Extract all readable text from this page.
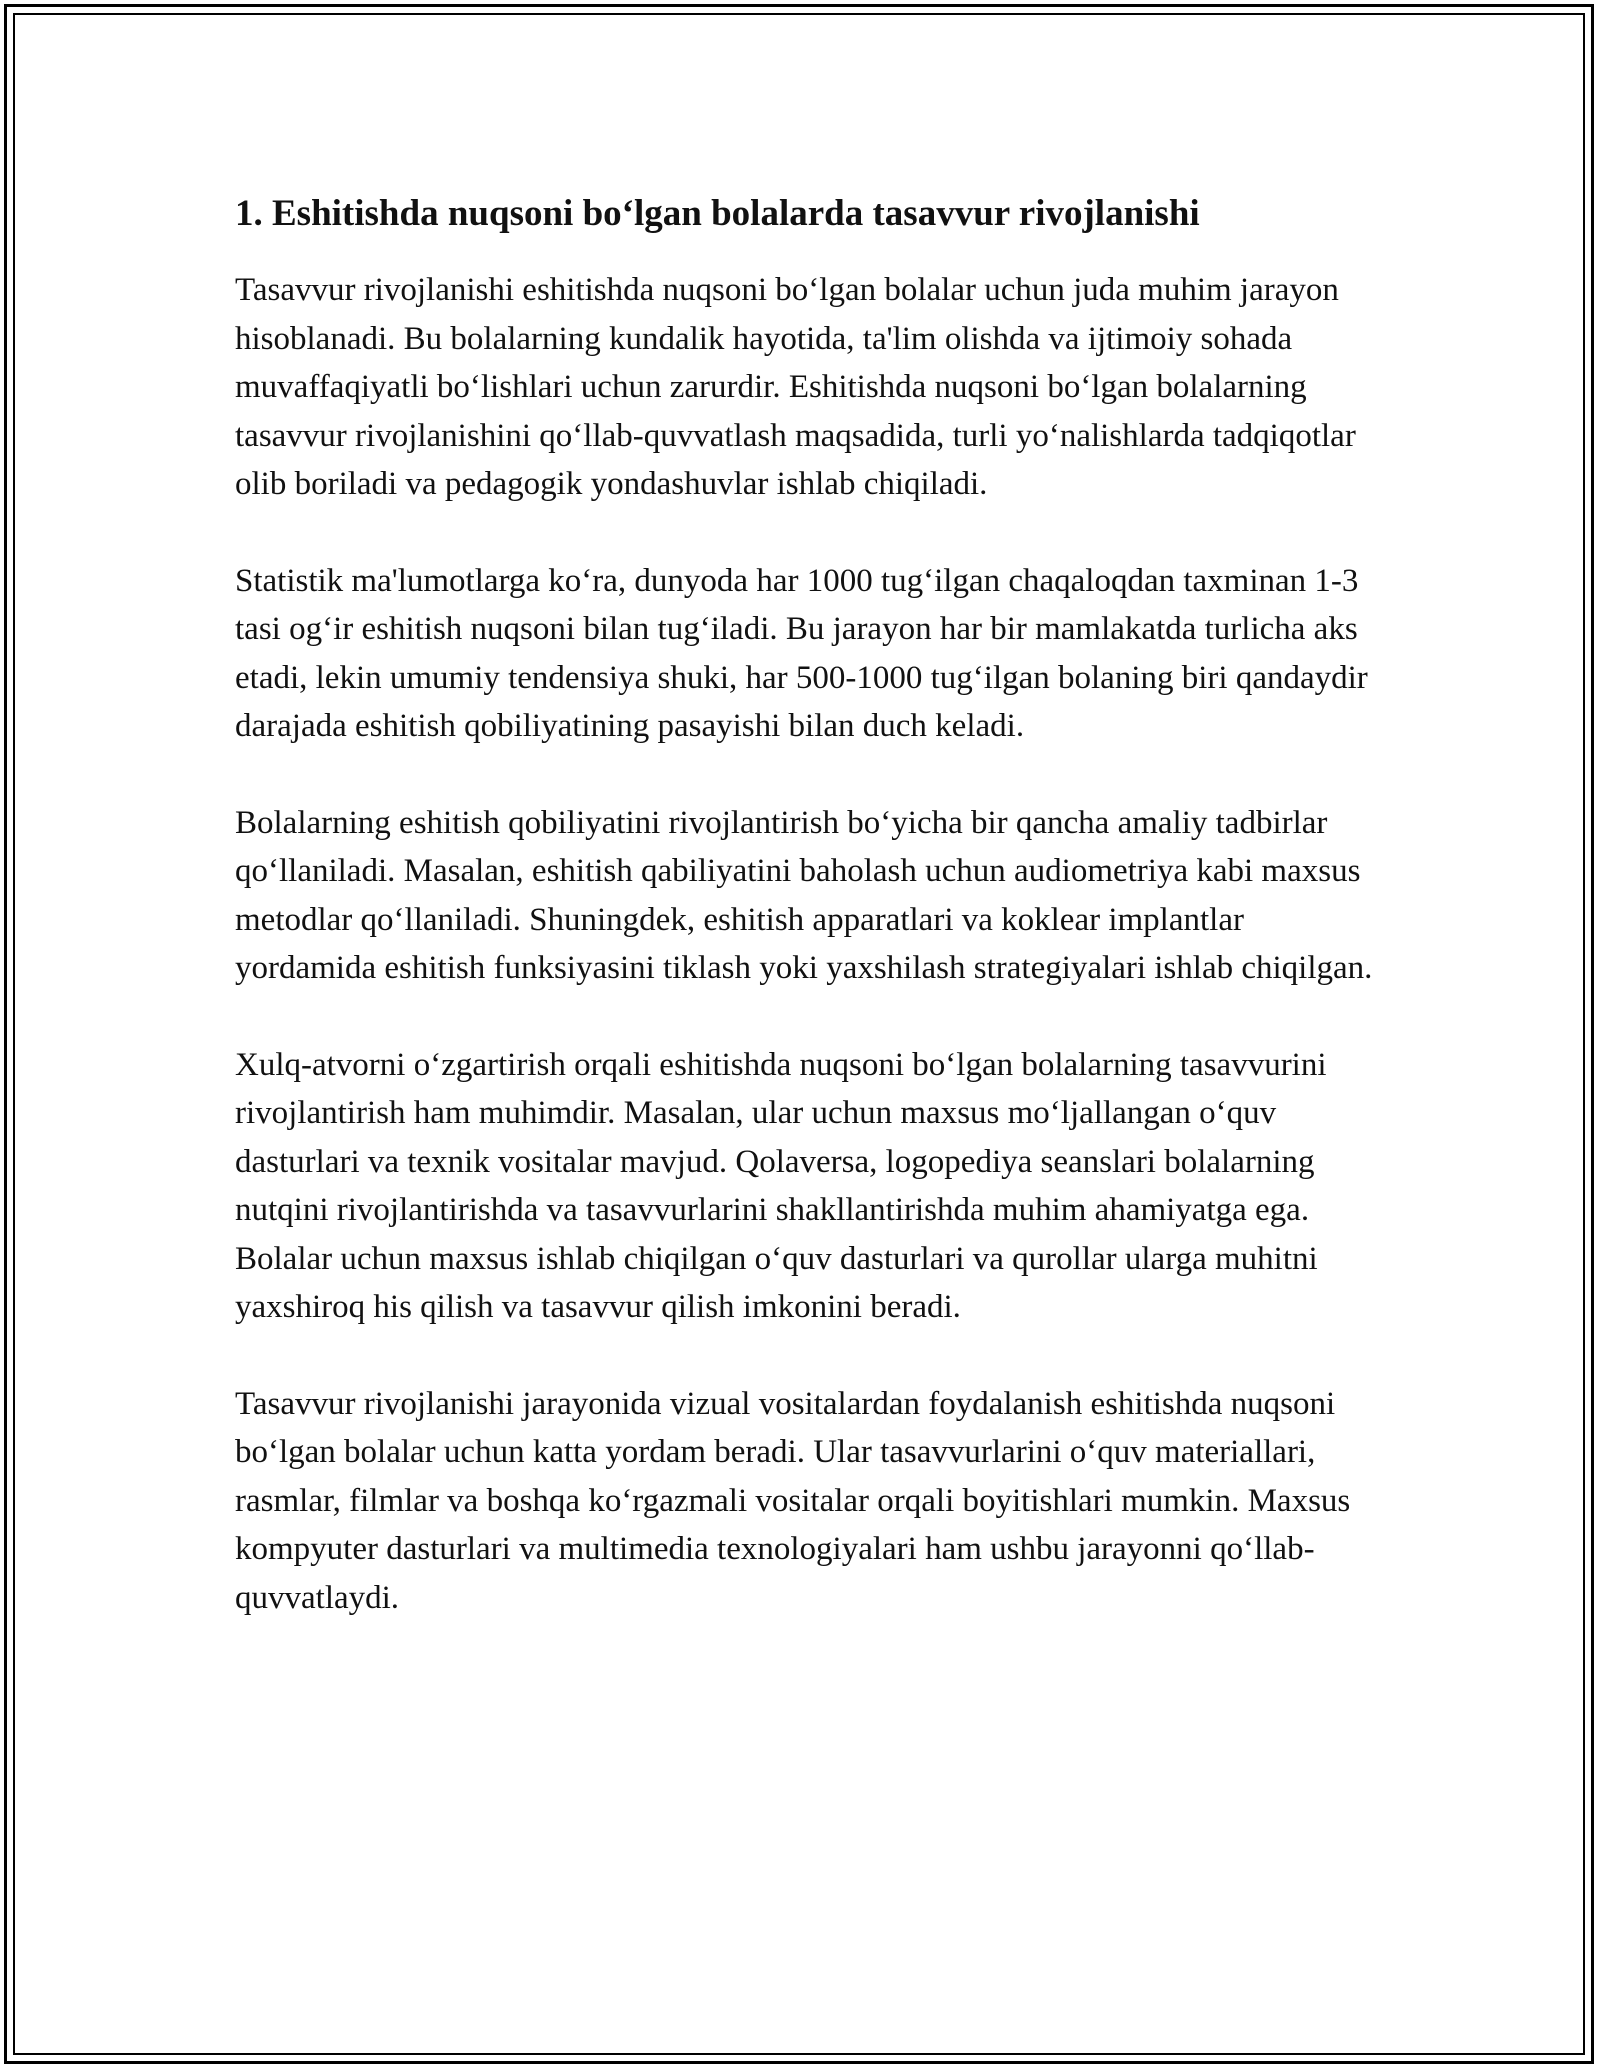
1. Eshitishda nuqsoni bo‘lgan bolalarda tasavvur rivojlanishi

Tasavvur rivojlanishi eshitishda nuqsoni bo‘lgan bolalar uchun juda muhim jarayon hisoblanadi. Bu bolalarning kundalik hayotida, ta'lim olishda va ijtimoiy sohada muvaffaqiyatli bo‘lishlari uchun zarurdir. Eshitishda nuqsoni bo‘lgan bolalarning tasavvur rivojlanishini qo‘llab-quvvatlash maqsadida, turli yo‘nalishlarda tadqiqotlar olib boriladi va pedagogik yondashuvlar ishlab chiqiladi.

Statistik ma'lumotlarga ko‘ra, dunyoda har 1000 tug‘ilgan chaqaloqdan taxminan 1-3 tasi og‘ir eshitish nuqsoni bilan tug‘iladi. Bu jarayon har bir mamlakatda turlicha aks etadi, lekin umumiy tendensiya shuki, har 500-1000 tug‘ilgan bolaning biri qandaydir darajada eshitish qobiliyatining pasayishi bilan duch keladi.

Bolalarning eshitish qobiliyatini rivojlantirish bo‘yicha bir qancha amaliy tadbirlar qo‘llaniladi. Masalan, eshitish qabiliyatini baholash uchun audiometriya kabi maxsus metodlar qo‘llaniladi. Shuningdek, eshitish apparatlari va koklear implantlar yordamida eshitish funksiyasini tiklash yoki yaxshilash strategiyalari ishlab chiqilgan.

Xulq-atvorni o‘zgartirish orqali eshitishda nuqsoni bo‘lgan bolalarning tasavvurini rivojlantirish ham muhimdir. Masalan, ular uchun maxsus mo‘ljallangan o‘quv dasturlari va texnik vositalar mavjud. Qolaversa, logopediya seanslari bolalarning nutqini rivojlantirishda va tasavvurlarini shakllantirishda muhim ahamiyatga ega. Bolalar uchun maxsus ishlab chiqilgan o‘quv dasturlari va qurollar ularga muhitni yaxshiroq his qilish va tasavvur qilish imkonini beradi.

Tasavvur rivojlanishi jarayonida vizual vositalardan foydalanish eshitishda nuqsoni bo‘lgan bolalar uchun katta yordam beradi. Ular tasavvurlarini o‘quv materiallari, rasmlar, filmlar va boshqa ko‘rgazmali vositalar orqali boyitishlari mumkin. Maxsus kompyuter dasturlari va multimedia texnologiyalari ham ushbu jarayonni qo‘llab-quvvatlaydi.
